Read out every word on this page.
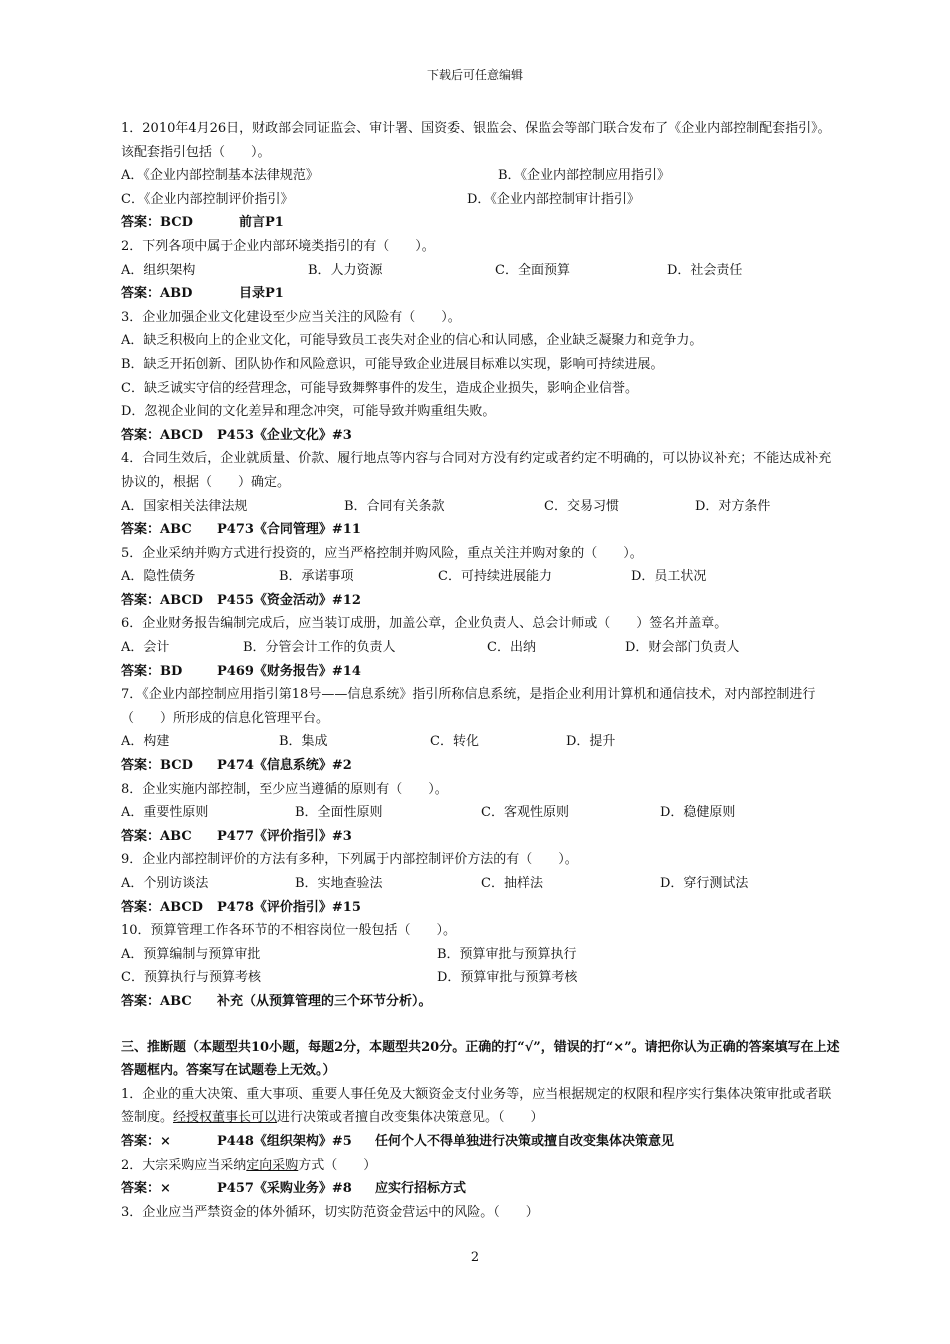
下载后可任意编辑
1．2010年4月26日，财政部会同证监会、审计署、国资委、银监会、保监会等部门联合发布了《企业内部控制配套指引》。该配套指引包括（　　）。
A．《企业内部控制基本法律规范》	B．《企业内部控制应用指引》
C．《企业内部控制评价指引》	D．《企业内部控制审计指引》
答案：BCD	前言P1
2．下列各项中属于企业内部环境类指引的有（　　）。
A．组织架构	B．人力资源	C．全面预算	D．社会责任
答案：ABD	目录P1
3．企业加强企业文化建设至少应当关注的风险有（　　）。
A．缺乏积极向上的企业文化，可能导致员工丧失对企业的信心和认同感，企业缺乏凝聚力和竞争力。
B．缺乏开拓创新、团队协作和风险意识，可能导致企业进展目标难以实现，影响可持续进展。
C．缺乏诚实守信的经营理念，可能导致舞弊事件的发生，造成企业损失，影响企业信誉。
D．忽视企业间的文化差异和理念冲突，可能导致并购重组失败。
答案：ABCD P453《企业文化》#3
4．合同生效后，企业就质量、价款、履行地点等内容与合同对方没有约定或者约定不明确的，可以协议补充；不能达成补充协议的，根据（　　）确定。
A．国家相关法律法规	B．合同有关条款	C．交易习惯	D．对方条件
答案：ABC P473《合同管理》#11
5．企业采纳并购方式进行投资的，应当严格控制并购风险，重点关注并购对象的（　　）。
A．隐性债务	B．承诺事项	C．可持续进展能力	D．员工状况
答案：ABCD P455《资金活动》#12
6．企业财务报告编制完成后，应当装订成册，加盖公章，企业负责人、总会计师或（　　）签名并盖章。
A．会计	B．分管会计工作的负责人	C．出纳	D．财会部门负责人
答案：BD	P469《财务报告》#14
7．《企业内部控制应用指引第18号——信息系统》指引所称信息系统，是指企业利用计算机和通信技术，对内部控制进行（　　）所形成的信息化管理平台。
A．构建	B．集成	C．转化	D．提升
答案：BCD P474《信息系统》#2
8．企业实施内部控制，至少应当遵循的原则有（　　）。
A．重要性原则	B．全面性原则	C．客观性原则	D．稳健原则
答案：ABC P477《评价指引》#3
9．企业内部控制评价的方法有多种，下列属于内部控制评价方法的有（　　）。
A．个别访谈法	B．实地查验法	C．抽样法	D．穿行测试法
答案：ABCD P478《评价指引》#15
10．预算管理工作各环节的不相容岗位一般包括（　　）。
A．预算编制与预算审批	B．预算审批与预算执行
C．预算执行与预算考核	D．预算审批与预算考核
答案：ABC 补充（从预算管理的三个环节分析）。
三、推断题（本题型共10小题，每题2分，本题型共20分。正确的打“√”，错误的打“×”。请把你认为正确的答案填写在上述答题框内。答案写在试题卷上无效。）
1．企业的重大决策、重大事项、重要人事任免及大额资金支付业务等，应当根据规定的权限和程序实行集体决策审批或者联签制度。经授权董事长可以进行决策或者擅自改变集体决策意见。（　　）
答案：×	P448《组织架构》#5 任何个人不得单独进行决策或擅自改变集体决策意见
2．大宗采购应当采纳定向采购方式（　　）
答案：×	P457《采购业务》#8 应实行招标方式
3．企业应当严禁资金的体外循环，切实防范资金营运中的风险。（　　）
2
